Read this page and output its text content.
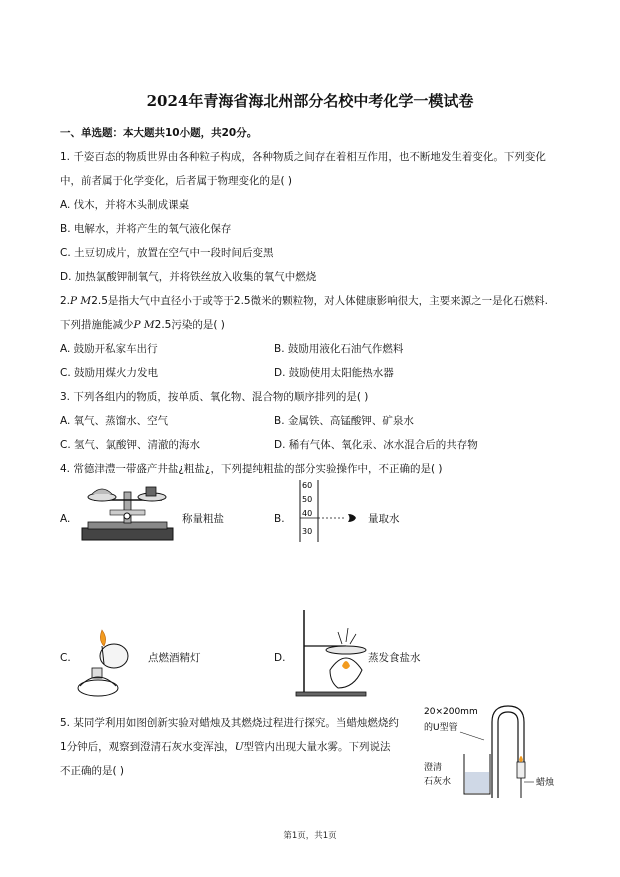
2024年青海省海北州部分名校中考化学一模试卷
一、单选题：本大题共10小题，共20分。
1. 千姿百态的物质世界由各种粒子构成，各种物质之间存在着相互作用，也不断地发生着变化。下列变化
中，前者属于化学变化，后者属于物理变化的是( )
A. 伐木，并将木头制成课桌
B. 电解水，并将产生的氧气液化保存
C. 土豆切成片，放置在空气中一段时间后变黑
D. 加热氯酸钾制氧气，并将铁丝放入收集的氧气中燃烧
2.P M2.5是指大气中直径小于或等于2.5微米的颗粒物，对人体健康影响很大，主要来源之一是化石燃料.
下列措施能减少P M2.5污染的是( )
A. 鼓励开私家车出行	B. 鼓励用液化石油气作燃料
C. 鼓励用煤火力发电	D. 鼓励使用太阳能热水器
3. 下列各组内的物质，按单质、氧化物、混合物的顺序排列的是( )
A. 氧气、蒸馏水、空气	B. 金属铁、高锰酸钾、矿泉水
C. 氢气、氯酸钾、清澈的海水	D. 稀有气体、氧化汞、冰水混合后的共存物
4. 常德津澧一带盛产井盐¿粗盐¿，下列提纯粗盐的部分实验操作中，不正确的是( )
A.	称量粗盐	B.
60
50
40
30
量取水
C.	点燃酒精灯	D.	蒸发食盐水
5. 某同学利用如图创新实验对蜡烛及其燃烧过程进行探究。当蜡烛燃烧约
1分钟后，观察到澄清石灰水变浑浊，U型管内出现大量水雾。下列说法
不正确的是( )
20×200mm
的U型管
澄清
石灰水	蜡烛
第1页，共1页
